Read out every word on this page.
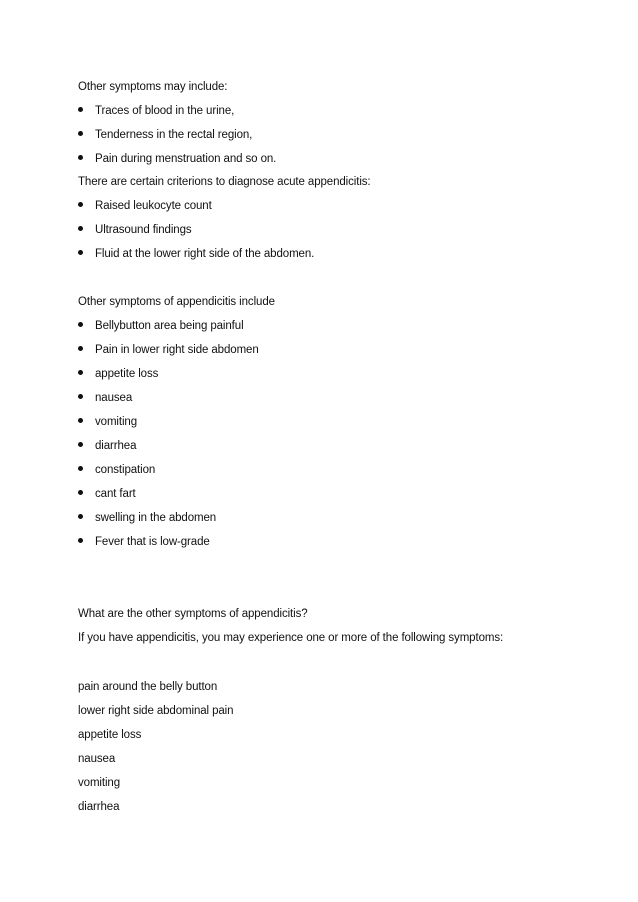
Other symptoms may include:
Traces of blood in the urine,
Tenderness in the rectal region,
Pain during menstruation and so on.
There are certain criterions to diagnose acute appendicitis:
Raised leukocyte count
Ultrasound findings
Fluid at the lower right side of the abdomen.
Other symptoms of appendicitis include
Bellybutton area being painful
Pain in lower right side abdomen
appetite loss
nausea
vomiting
diarrhea
constipation
cant fart
swelling in the abdomen
Fever that is low-grade
What are the other symptoms of appendicitis?
If you have appendicitis, you may experience one or more of the following symptoms:
pain around the belly button
lower right side abdominal pain
appetite loss
nausea
vomiting
diarrhea
